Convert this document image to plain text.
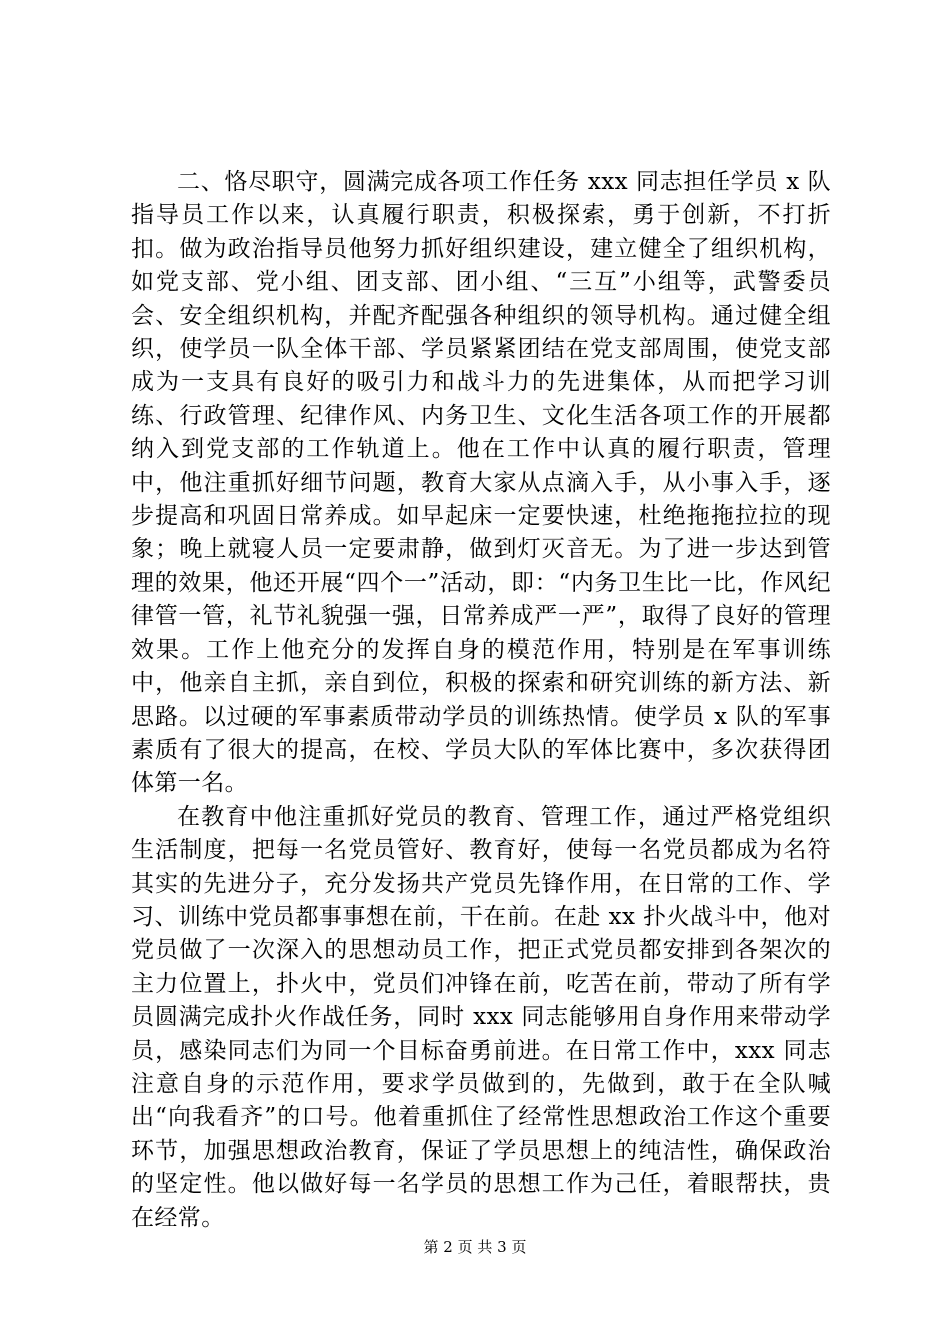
二、恪尽职守，圆满完成各项工作任务 xxx 同志担任学员 x 队指导员工作以来，认真履行职责，积极探索，勇于创新，不打折扣。做为政治指导员他努力抓好组织建设，建立健全了组织机构，如党支部、党小组、团支部、团小组、“三互”小组等，武警委员会、安全组织机构，并配齐配强各种组织的领导机构。通过健全组织，使学员一队全体干部、学员紧紧团结在党支部周围，使党支部成为一支具有良好的吸引力和战斗力的先进集体，从而把学习训练、行政管理、纪律作风、内务卫生、文化生活各项工作的开展都纳入到党支部的工作轨道上。他在工作中认真的履行职责，管理中，他注重抓好细节问题，教育大家从点滴入手，从小事入手，逐步提高和巩固日常养成。如早起床一定要快速，杜绝拖拖拉拉的现象；晚上就寝人员一定要肃静，做到灯灭音无。为了进一步达到管理的效果，他还开展“四个一”活动，即：“内务卫生比一比，作风纪律管一管，礼节礼貌强一强，日常养成严一严”，取得了良好的管理效果。工作上他充分的发挥自身的模范作用，特别是在军事训练中，他亲自主抓，亲自到位，积极的探索和研究训练的新方法、新思路。以过硬的军事素质带动学员的训练热情。使学员 x 队的军事素质有了很大的提高，在校、学员大队的军体比赛中，多次获得团体第一名。

在教育中他注重抓好党员的教育、管理工作，通过严格党组织生活制度，把每一名党员管好、教育好，使每一名党员都成为名符其实的先进分子，充分发扬共产党员先锋作用，在日常的工作、学习、训练中党员都事事想在前，干在前。在赴 xx 扑火战斗中，他对党员做了一次深入的思想动员工作，把正式党员都安排到各架次的主力位置上，扑火中，党员们冲锋在前，吃苦在前，带动了所有学员圆满完成扑火作战任务，同时 xxx 同志能够用自身作用来带动学员，感染同志们为同一个目标奋勇前进。在日常工作中，xxx 同志注意自身的示范作用，要求学员做到的，先做到，敢于在全队喊出“向我看齐”的口号。他着重抓住了经常性思想政治工作这个重要环节，加强思想政治教育，保证了学员思想上的纯洁性，确保政治的坚定性。他以做好每一名学员的思想工作为己任，着眼帮扶，贵在经常。

第 2 页 共 3 页
